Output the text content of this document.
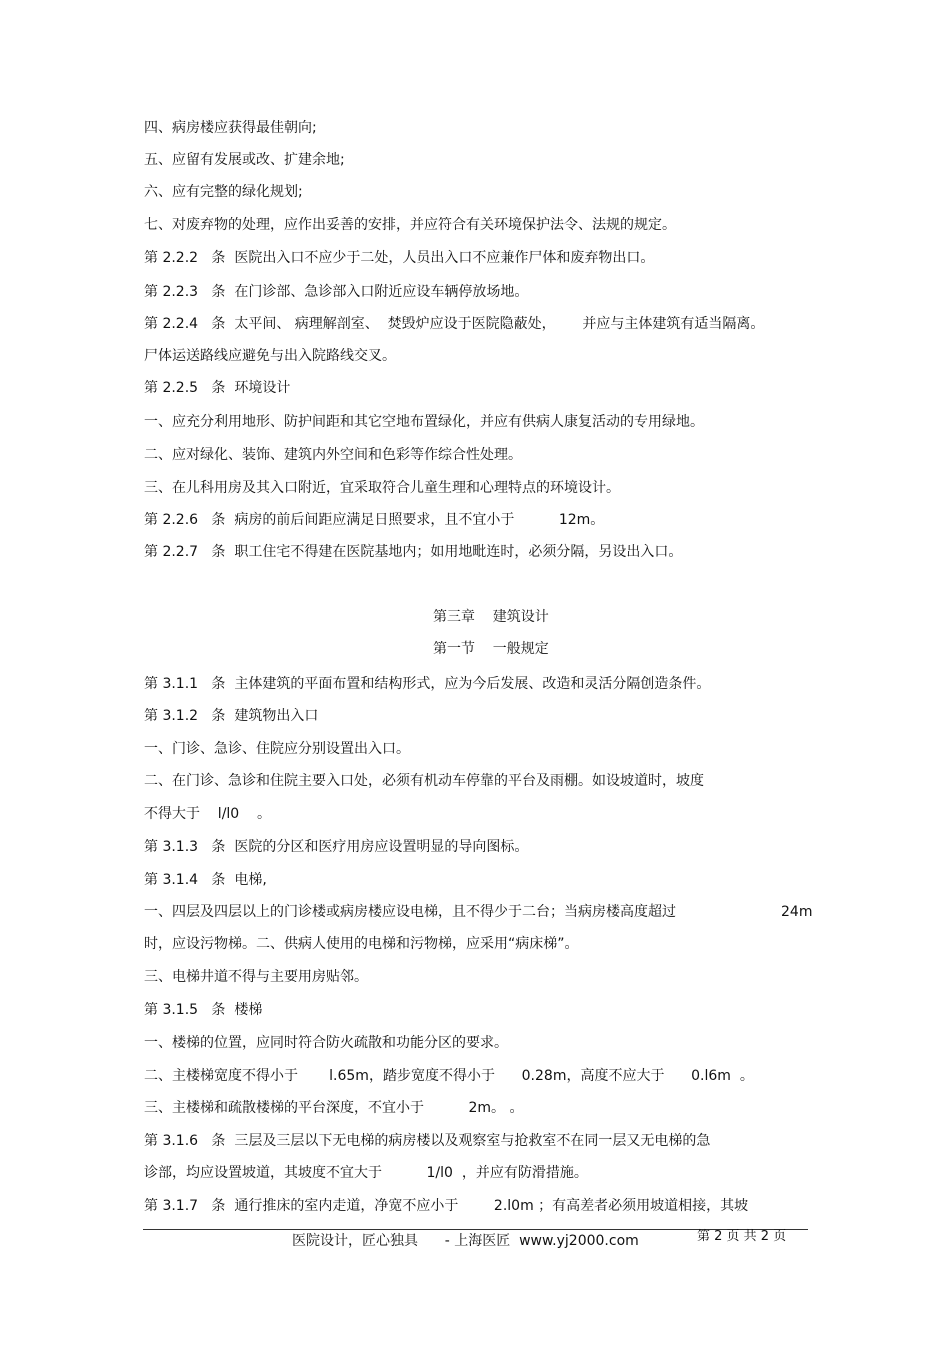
四、病房楼应获得最佳朝向;
五、应留有发展或改、扩建余地;
六、应有完整的绿化规划;
七、对废弃物的处理，应作出妥善的安排，并应符合有关环境保护法令、法规的规定。
第 2.2.2   条  医院出入口不应少于二处，人员出入口不应兼作尸体和废弃物出口。
第 2.2.3   条  在门诊部、急诊部入口附近应设车辆停放场地。
第 2.2.4   条  太平间、 病理解剖室、  焚毁炉应设于医院隐蔽处，      并应与主体建筑有适当隔离。
尸体运送路线应避免与出入院路线交叉。
第 2.2.5   条  环境设计
一、应充分利用地形、防护间距和其它空地布置绿化，并应有供病人康复活动的专用绿地。
二、应对绿化、装饰、建筑内外空间和色彩等作综合性处理。
三、在儿科用房及其入口附近，宜采取符合儿童生理和心理特点的环境设计。
第 2.2.6   条  病房的前后间距应满足日照要求，且不宜小于          12m。
第 2.2.7   条  职工住宅不得建在医院基地内；如用地毗连时，必须分隔，另设出入口。
第三章    建筑设计
第一节    一般规定
第 3.1.1   条  主体建筑的平面布置和结构形式，应为今后发展、改造和灵活分隔创造条件。
第 3.1.2   条  建筑物出入口
一、门诊、急诊、住院应分别设置出入口。
二、在门诊、急诊和住院主要入口处，必须有机动车停靠的平台及雨棚。如设坡道时，坡度
不得大于    l/l0    。
第 3.1.3   条  医院的分区和医疗用房应设置明显的导向图标。
第 3.1.4   条  电梯,
一、四层及四层以上的门诊楼或病房楼应设电梯，且不得少于二台；当病房楼高度超过	24m
时，应设污物梯。二、供病人使用的电梯和污物梯，应采用“病床梯”。
三、电梯井道不得与主要用房贴邻。
第 3.1.5   条  楼梯
一、楼梯的位置，应同时符合防火疏散和功能分区的要求。
二、主楼梯宽度不得小于       l.65m，踏步宽度不得小于      0.28m，高度不应大于      0.l6m  。
三、主楼梯和疏散楼梯的平台深度，不宜小于          2m。 。
第 3.1.6   条  三层及三层以下无电梯的病房楼以及观察室与抢救室不在同一层又无电梯的急
诊部，均应设置坡道，其坡度不宜大于          1/l0  ，并应有防滑措施。
第 3.1.7   条  通行推床的室内走道，净宽不应小于        2.l0m ；有高差者必须用坡道相接，其坡
医院设计，匠心独具      - 上海医匠  www.yj2000.com	第 2 页 共 2 页
